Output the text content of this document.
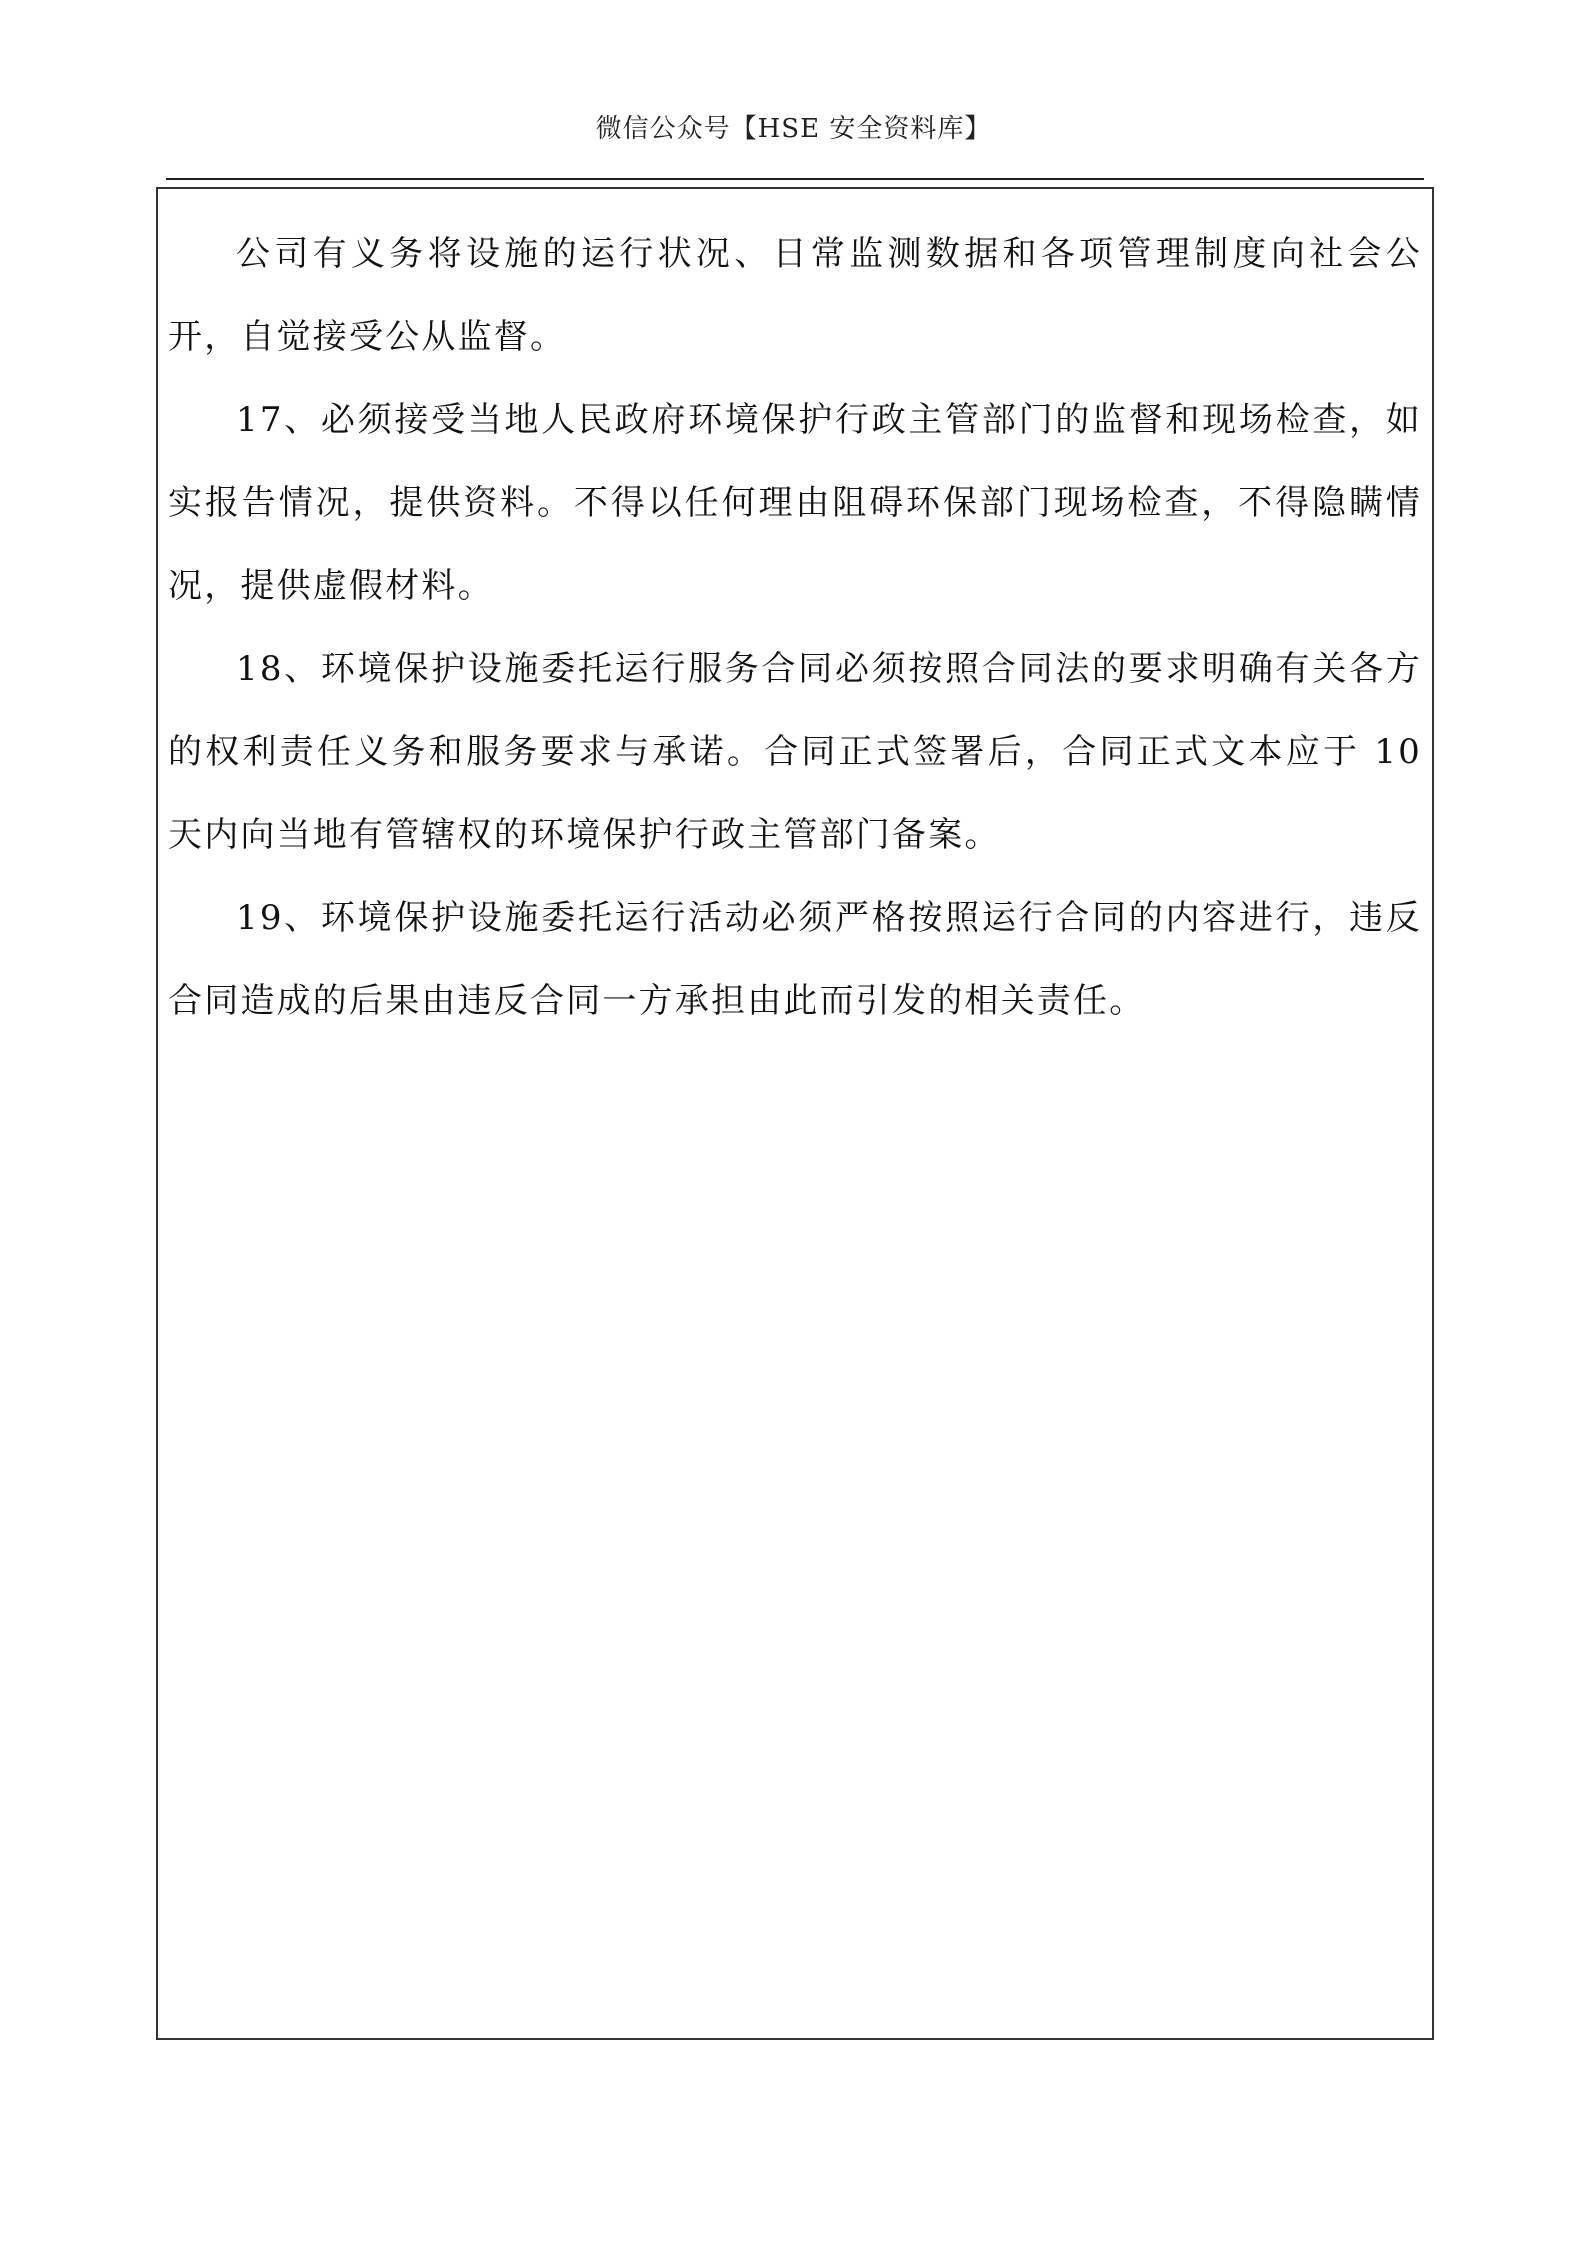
微信公众号【HSE 安全资料库】

公司有义务将设施的运行状况、日常监测数据和各项管理制度向社会公开，自觉接受公从监督。

17、必须接受当地人民政府环境保护行政主管部门的监督和现场检查，如实报告情况，提供资料。不得以任何理由阻碍环保部门现场检查，不得隐瞒情况，提供虚假材料。

18、环境保护设施委托运行服务合同必须按照合同法的要求明确有关各方的权利责任义务和服务要求与承诺。合同正式签署后，合同正式文本应于 10 天内向当地有管辖权的环境保护行政主管部门备案。

19、环境保护设施委托运行活动必须严格按照运行合同的内容进行，违反合同造成的后果由违反合同一方承担由此而引发的相关责任。
